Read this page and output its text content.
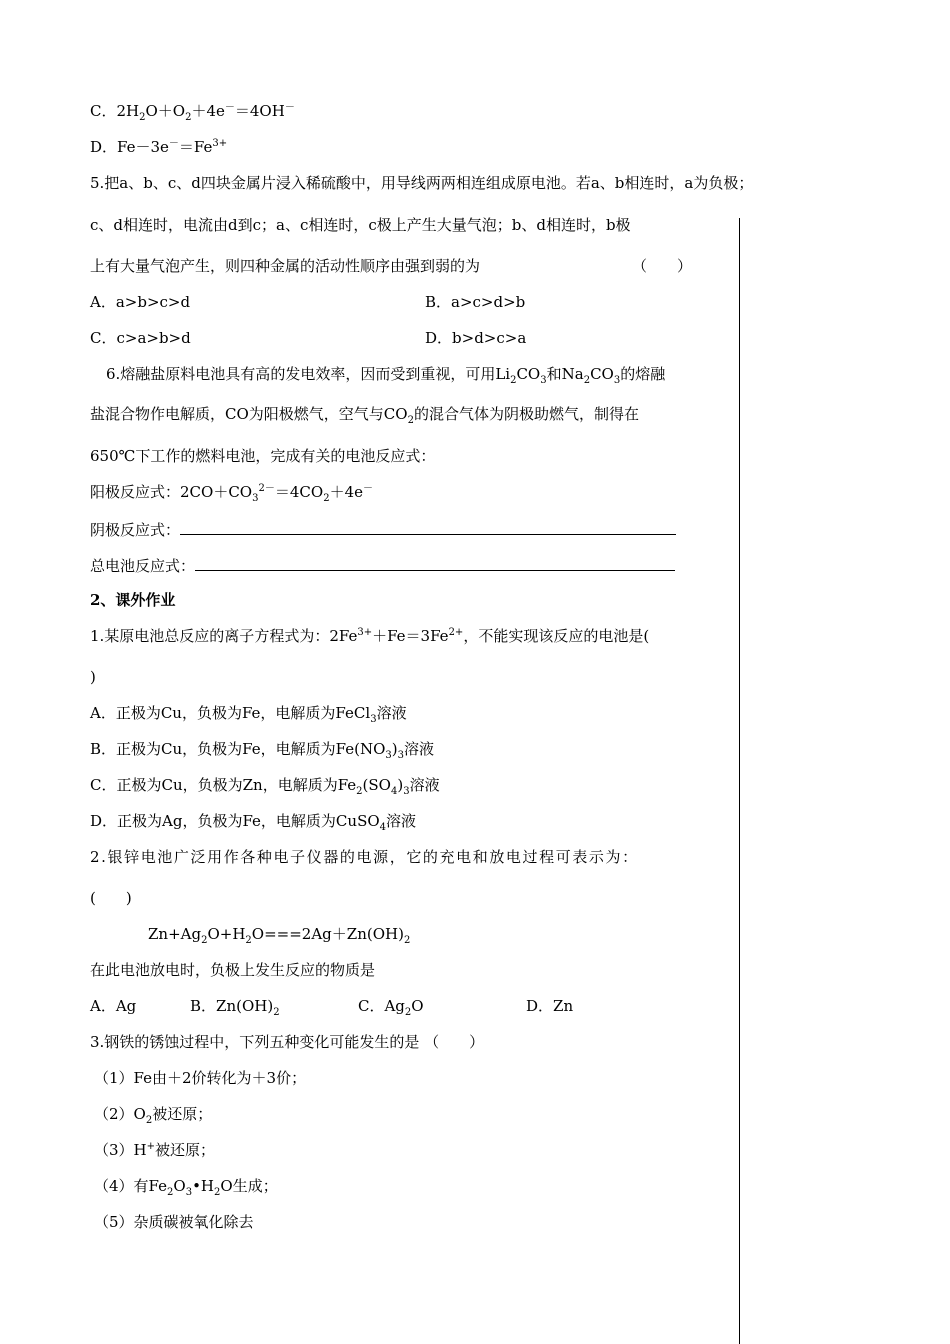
C．$2H_2O+O_2+4e^-=4OH^-$
D．$Fe-3e^-=Fe^{3+}$
5.把a、b、c、d四块金属片浸入稀硫酸中，用导线两两相连组成原电池。若a、b相连时，a为负极；
c、d相连时，电流由d到c；a、c相连时，c极上产生大量气泡；b、d相连时，b极
上有大量气泡产生，则四种金属的活动性顺序由强到弱的为	（　　）
A．a>b>c>d	B．a>c>d>b
C．c>a>b>d	D．b>d>c>a
6.熔融盐原料电池具有高的发电效率，因而受到重视，可用$Li_2CO_3$和$Na_2CO_3$的熔融
盐混合物作电解质，CO为阳极燃气，空气与$CO_2$的混合气体为阴极助燃气，制得在
650℃下工作的燃料电池，完成有关的电池反应式：
阳极反应式：$2CO+CO_3^{2-}=4CO_2+4e^-$
阴极反应式：
总电池反应式：
2、课外作业
1.某原电池总反应的离子方程式为：$2Fe^{3+}+Fe=3Fe^{2+}$，不能实现该反应的电池是(
)
A．正极为Cu，负极为Fe，电解质为FeCl$_3$溶液
B．正极为Cu，负极为Fe，电解质为$Fe(NO_3)_3$溶液
C．正极为Cu，负极为Zn，电解质为$Fe_2(SO_4)_3$溶液
D．正极为Ag，负极为Fe，电解质为CuSO$_4$溶液
2.银锌电池广泛用作各种电子仪器的电源，它的充电和放电过程可表示为：
(　　)
$Zn+Ag_2O+H_2O===2Ag+Zn(OH)_2$
在此电池放电时，负极上发生反应的物质是
A．Ag	B．$Zn(OH)_2$	C．$Ag_2O$	D．Zn
3.钢铁的锈蚀过程中，下列五种变化可能发生的是 （　　）
（1）Fe由＋2价转化为＋3价；
$(2)O_2$被还原；
（3）H+被还原；
（4）有$Fe_2O_3•H_2O$生成；
（5）杂质碳被氧化除去
